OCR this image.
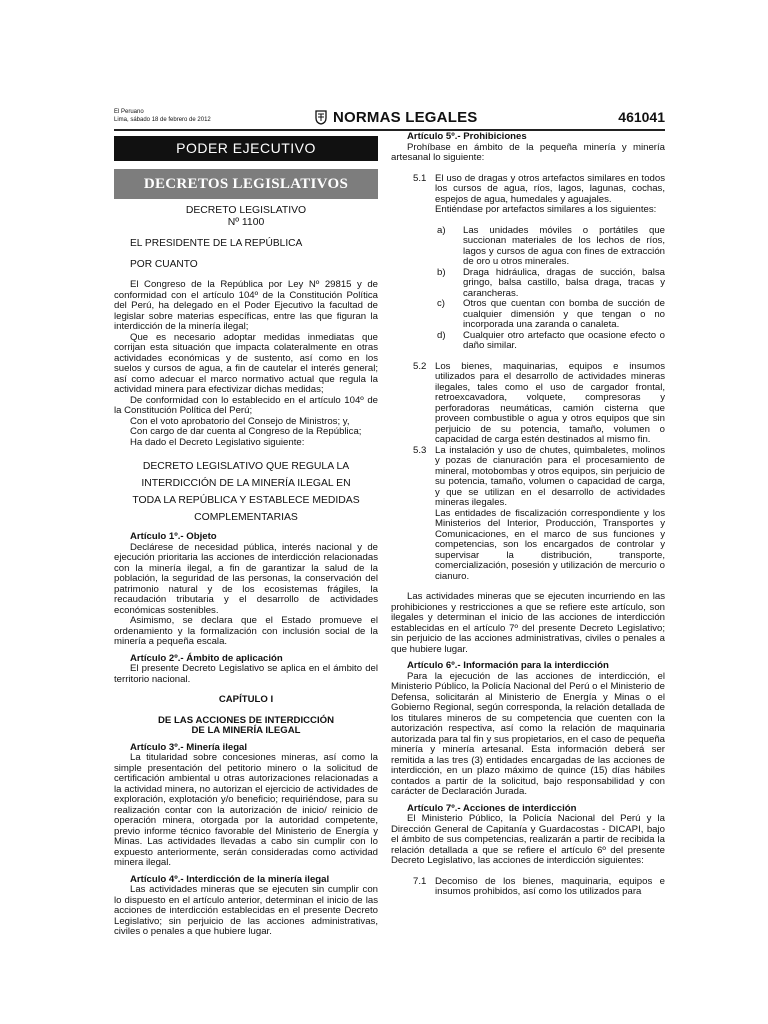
El Peruano
Lima, sábado 18 de febrero de 2012	NORMAS LEGALES	461041
PODER EJECUTIVO
DECRETOS LEGISLATIVOS
DECRETO LEGISLATIVO
Nº 1100

EL PRESIDENTE DE LA REPÚBLICA

POR CUANTO

El Congreso de la República por Ley Nº 29815 y de conformidad con el artículo 104º de la Constitución Política del Perú, ha delegado en el Poder Ejecutivo la facultad de legislar sobre materias específicas, entre las que figuran la interdicción de la minería ilegal;

Que es necesario adoptar medidas inmediatas que corrijan esta situación que impacta colateralmente en otras actividades económicas y de sustento, así como en los suelos y cursos de agua, a fin de cautelar el interés general; así como adecuar el marco normativo actual que regula la actividad minera para efectivizar dichas medidas;

De conformidad con lo establecido en el artículo 104º de la Constitución Política del Perú;

Con el voto aprobatorio del Consejo de Ministros; y,

Con cargo de dar cuenta al Congreso de la República;

Ha dado el Decreto Legislativo siguiente:

DECRETO LEGISLATIVO QUE REGULA LA
INTERDICCIÓN DE LA MINERÍA ILEGAL EN
TODA LA REPÚBLICA Y ESTABLECE MEDIDAS
COMPLEMENTARIAS

Artículo 1º.- Objeto

Declárese de necesidad pública, interés nacional y de ejecución prioritaria las acciones de interdicción relacionadas con la minería ilegal, a fin de garantizar la salud de la población, la seguridad de las personas, la conservación del patrimonio natural y de los ecosistemas frágiles, la recaudación tributaria y el desarrollo de actividades económicas sostenibles.

Asimismo, se declara que el Estado promueve el ordenamiento y la formalización con inclusión social de la minería a pequeña escala.

Artículo 2º.- Ámbito de aplicación

El presente Decreto Legislativo se aplica en el ámbito del territorio nacional.

CAPÍTULO I

DE LAS ACCIONES DE INTERDICCIÓN

DE LA MINERÍA ILEGAL

Artículo 3º.- Minería ilegal

La titularidad sobre concesiones mineras, así como la simple presentación del petitorio minero o la solicitud de certificación ambiental u otras autorizaciones relacionadas a la actividad minera, no autorizan el ejercicio de actividades de exploración, explotación y/o beneficio; requiriéndose, para su realización contar con la autorización de inicio/ reinicio de operación minera, otorgada por la autoridad competente, previo informe técnico favorable del Ministerio de Energía y Minas. Las actividades llevadas a cabo sin cumplir con lo expuesto anteriormente, serán consideradas como actividad minera ilegal.

Artículo 4º.- Interdicción de la minería ilegal

Las actividades mineras que se ejecuten sin cumplir con lo dispuesto en el artículo anterior, determinan el inicio de las acciones de interdicción establecidas en el presente Decreto Legislativo; sin perjuicio de las acciones administrativas, civiles o penales a que hubiere lugar.

Artículo 5º.- Prohibiciones

Prohíbase en ámbito de la pequeña minería y minería artesanal lo siguiente:

5.1 El uso de dragas y otros artefactos similares en todos los cursos de agua, ríos, lagos, lagunas, cochas, espejos de agua, humedales y aguajales.
Entiéndase por artefactos similares a los siguientes:
a)	Las unidades móviles o portátiles que succionan materiales de los lechos de ríos, lagos y cursos de agua con fines de extracción de oro u otros minerales.
b)	Draga hidráulica, dragas de succión, balsa gringo, balsa castillo, balsa draga, tracas y carancheras.
c)	Otros que cuentan con bomba de succión de cualquier dimensión y que tengan o no incorporada una zaranda o canaleta.
d)	Cualquier otro artefacto que ocasione efecto o daño similar.
5.2 Los bienes, maquinarias, equipos e insumos utilizados para el desarrollo de actividades mineras ilegales, tales como el uso de cargador frontal, retroexcavadora, volquete, compresoras y perforadoras neumáticas, camión cisterna que proveen combustible o agua y otros equipos que sin perjuicio de su potencia, tamaño, volumen o capacidad de carga estén destinados al mismo fin.
5.3 La instalación y uso de chutes, quimbaletes, molinos y pozas de cianuración para el procesamiento de mineral, motobombas y otros equipos, sin perjuicio de su potencia, tamaño, volumen o capacidad de carga, y que se utilizan en el desarrollo de actividades mineras ilegales.
Las entidades de fiscalización correspondiente y los Ministerios del Interior, Producción, Transportes y Comunicaciones, en el marco de sus funciones y competencias, son los encargados de controlar y supervisar la distribución, transporte, comercialización, posesión y utilización de mercurio o cianuro.

Las actividades mineras que se ejecuten incurriendo en las prohibiciones y restricciones a que se refiere este artículo, son ilegales y determinan el inicio de las acciones de interdicción establecidas en el artículo 7º del presente Decreto Legislativo; sin perjuicio de las acciones administrativas, civiles o penales a que hubiere lugar.

Artículo 6º.- Información para la interdicción

Para la ejecución de las acciones de interdicción, el Ministerio Público, la Policía Nacional del Perú o el Ministerio de Defensa, solicitarán al Ministerio de Energía y Minas o el Gobierno Regional, según corresponda, la relación detallada de los titulares mineros de su competencia que cuenten con la autorización respectiva, así como la relación de maquinaria autorizada para tal fin y sus propietarios, en el caso de pequeña minería y minería artesanal. Esta información deberá ser remitida a las tres (3) entidades encargadas de las acciones de interdicción, en un plazo máximo de quince (15) días hábiles contados a partir de la solicitud, bajo responsabilidad y con carácter de Declaración Jurada.

Artículo 7º.- Acciones de interdicción

El Ministerio Público, la Policía Nacional del Perú y la Dirección General de Capitanía y Guardacostas - DICAPI, bajo el ámbito de sus competencias, realizarán a partir de recibida la relación detallada a que se refiere el artículo 6º del presente Decreto Legislativo, las acciones de interdicción siguientes:

7.1 Decomiso de los bienes, maquinaria, equipos e insumos prohibidos, así como los utilizados para
